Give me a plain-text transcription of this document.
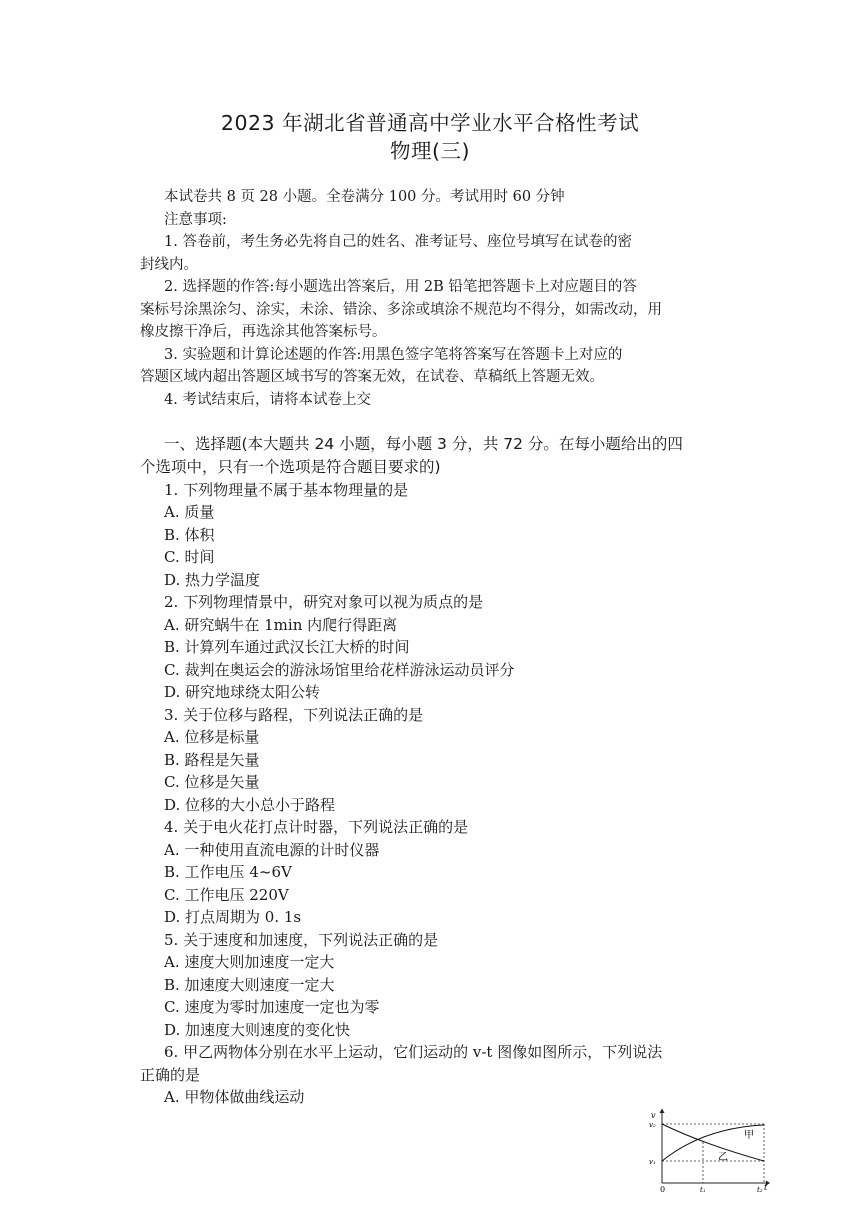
2023 年湖北省普通高中学业水平合格性考试
物理(三)
本试卷共 8 页 28 小题。全卷满分 100 分。考试用时 60 分钟
注意事项:
1. 答卷前，考生务必先将自己的姓名、准考证号、座位号填写在试卷的密
封线内。
2. 选择题的作答:每小题选出答案后，用 2B 铅笔把答题卡上对应题目的答
案标号涂黑涂匀、涂实，未涂、错涂、多涂或填涂不规范均不得分，如需改动，用
橡皮擦干净后，再选涂其他答案标号。
3. 实验题和计算论述题的作答:用黑色签字笔将答案写在答题卡上对应的
答题区域内超出答题区域书写的答案无效，在试卷、草稿纸上答题无效。
4. 考试结束后，请将本试卷上交
一、选择题(本大题共 24 小题，每小题 3 分，共 72 分。在每小题给出的四
个选项中，只有一个选项是符合题目要求的)
1. 下列物理量不属于基本物理量的是
A. 质量
B. 体积
C. 时间
D. 热力学温度
2. 下列物理情景中，研究对象可以视为质点的是
A. 研究蜗牛在 1min 内爬行得距离
B. 计算列车通过武汉长江大桥的时间
C. 裁判在奥运会的游泳场馆里给花样游泳运动员评分
D. 研究地球绕太阳公转
3. 关于位移与路程，下列说法正确的是
A. 位移是标量
B. 路程是矢量
C. 位移是矢量
D. 位移的大小总小于路程
4. 关于电火花打点计时器，下列说法正确的是
A. 一种使用直流电源的计时仪器
B. 工作电压 4~6V
C. 工作电压 220V
D. 打点周期为 0. 1s
5. 关于速度和加速度，下列说法正确的是
A. 速度大则加速度一定大
B. 加速度大则速度一定大
C. 速度为零时加速度一定也为零
D. 加速度大则速度的变化快
6. 甲乙两物体分别在水平上运动，它们运动的 v-t 图像如图所示，下列说法
正确的是
A. 甲物体做曲线运动
v
v₂
v₁
0	t₁	t₂ t
甲
乙
